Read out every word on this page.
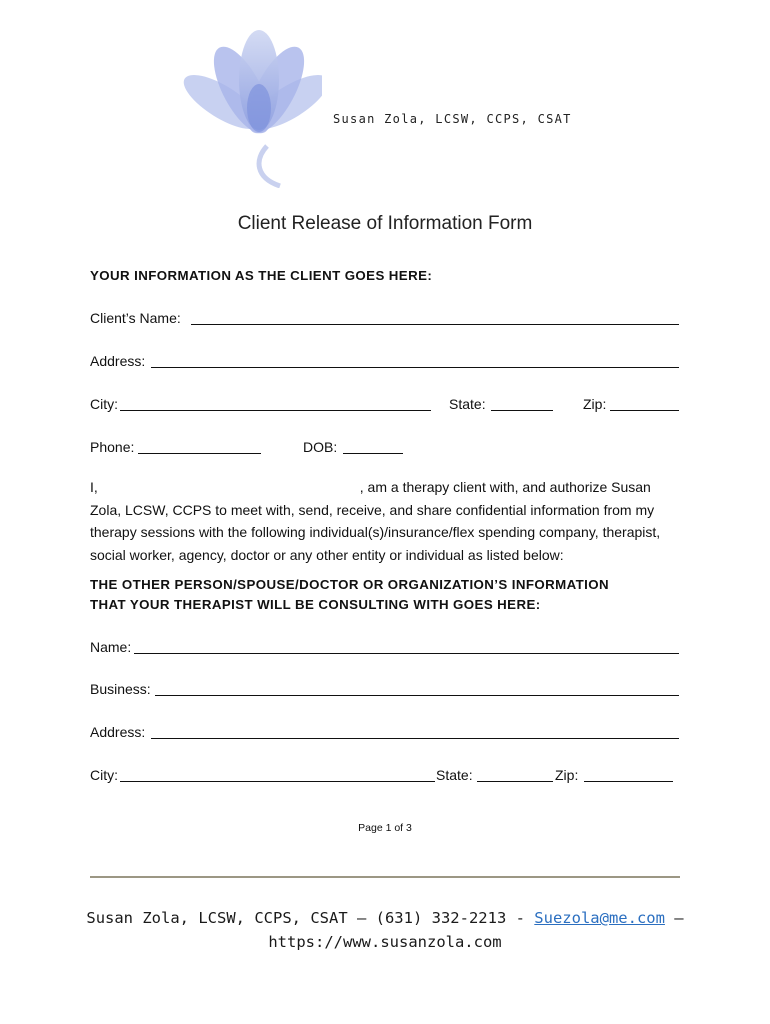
Susan Zola, LCSW, CCPS, CSAT
Client Release of Information Form
YOUR INFORMATION AS THE CLIENT GOES HERE:
Client’s Name:
Address:
City:	State:	Zip:
Phone:	DOB:
I,	, am a therapy client with, and authorize Susan Zola, LCSW, CCPS to meet with, send, receive, and share confidential information from my therapy sessions with the following individual(s)/insurance/flex spending company, therapist, social worker, agency, doctor or any other entity or individual as listed below:
THE OTHER PERSON/SPOUSE/DOCTOR OR ORGANIZATION’S INFORMATION
THAT YOUR THERAPIST WILL BE CONSULTING WITH GOES HERE:
Name:
Business:
Address:
City:	State:	Zip:
Page 1 of 3
Susan Zola, LCSW, CCPS, CSAT – (631) 332-2213 - Suezola@me.com –
https://www.susanzola.com
